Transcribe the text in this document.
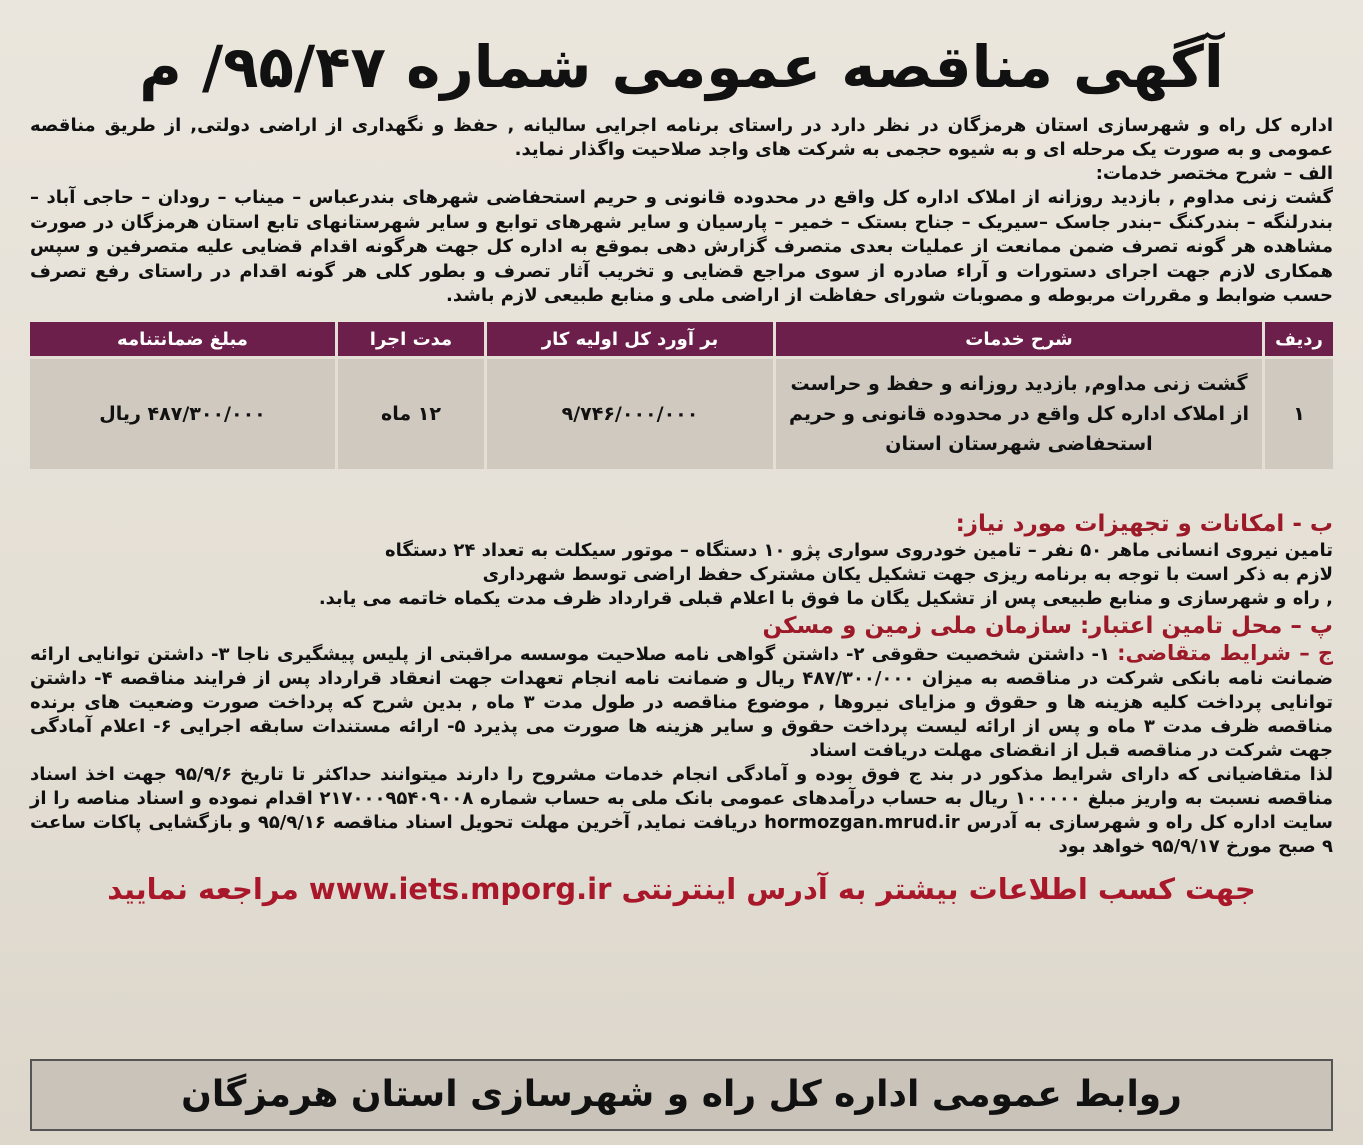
آگهی مناقصه عمومی شماره ۹۵/۴۷/ م

اداره کل راه و شهرسازی استان هرمزگان در نظر دارد در راستای برنامه اجرایی سالیانه , حفظ و نگهداری از اراضی دولتی, از طریق مناقصه عمومی و به صورت یک مرحله ای و به شیوه حجمی به شرکت های واجد صلاحیت واگذار نماید.

الف – شرح مختصر خدمات:
گشت زنی مداوم , بازدید روزانه از املاک اداره کل واقع در محدوده قانونی و حریم استحفاضی شهرهای بندرعباس – میناب – رودان – حاجی آباد – بندرلنگه – بندرکنگ –بندر جاسک –سیریک – جناح بستک – خمیر – پارسیان و سایر شهرهای توابع و سایر شهرستانهای تابع استان هرمزگان در صورت مشاهده هر گونه تصرف ضمن ممانعت از عملیات بعدی متصرف گزارش دهی بموقع به اداره کل جهت هرگونه اقدام قضایی علیه متصرفین و سپس همکاری لازم جهت اجرای دستورات و آراء صادره از سوی مراجع قضایی و تخریب آثار تصرف و بطور کلی هر گونه اقدام در راستای رفع تصرف حسب ضوابط و مقررات مربوطه و مصوبات شورای حفاظت از اراضی ملی و منابع طبیعی لازم باشد.

ردیف	شرح خدمات	بر آورد کل اولیه کار	مدت اجرا	مبلغ ضمانتنامه
۱	گشت زنی مداوم, بازدید روزانه و حفظ و حراست از املاک اداره کل واقع در محدوده قانونی و حریم استحفاضی شهرستان استان	۹/۷۴۶/۰۰۰/۰۰۰	۱۲ ماه	۴۸۷/۳۰۰/۰۰۰ ریال
ب - امکانات و تجهیزات مورد نیاز:

تامین نیروی انسانی ماهر ۵۰ نفر – تامین خودروی سواری پژو ۱۰ دستگاه – موتور سیکلت به تعداد ۲۴ دستگاه

لازم به ذکر است با توجه به برنامه ریزی جهت تشکیل یکان مشترک حفظ اراضی توسط شهرداری

, راه و شهرسازی و منابع طبیعی پس از تشکیل یگان ما فوق با اعلام قبلی قرارداد ظرف مدت یکماه خاتمه می یابد.

پ – محل تامین اعتبار: سازمان ملی زمین و مسکن

ج – شرایط متقاضی: ۱- داشتن شخصیت حقوقی ۲- داشتن گواهی نامه صلاحیت موسسه مراقبتی از پلیس پیشگیری ناجا ۳- داشتن توانایی ارائه ضمانت نامه بانکی شرکت در مناقصه به میزان ۴۸۷/۳۰۰/۰۰۰ ریال و ضمانت نامه انجام تعهدات جهت انعقاد قرارداد پس از فرایند مناقصه ۴- داشتن توانایی پرداخت کلیه هزینه ها و حقوق و مزایای نیروها , موضوع مناقصه در طول مدت ۳ ماه , بدین شرح که پرداخت صورت وضعیت های برنده مناقصه ظرف مدت ۳ ماه و پس از ارائه لیست پرداخت حقوق و سایر هزینه ها صورت می پذیرد ۵- ارائه مستندات سابقه اجرایی ۶- اعلام آمادگی جهت شرکت در مناقصه قبل از انقضای مهلت دریافت اسناد

لذا متقاضیانی که دارای شرایط مذکور در بند ج فوق بوده و آمادگی انجام خدمات مشروح را دارند میتوانند حداکثر تا تاریخ ۹۵/۹/۶ جهت اخذ اسناد مناقصه نسبت به واریز مبلغ ۱۰۰۰۰۰ ریال به حساب درآمدهای عمومی بانک ملی به حساب شماره ۲۱۷۰۰۰۹۵۴۰۹۰۰۸ اقدام نموده و اسناد مناصه را از سایت اداره کل راه و شهرسازی به آدرس hormozgan.mrud.ir دریافت نماید, آخرین مهلت تحویل اسناد مناقصه ۹۵/۹/۱۶ و بازگشایی پاکات ساعت ۹ صبح مورخ ۹۵/۹/۱۷ خواهد بود

جهت کسب اطلاعات بیشتر به آدرس اینترنتی www.iets.mporg.ir مراجعه نمایید
روابط عمومی اداره کل راه و شهرسازی استان هرمزگان
